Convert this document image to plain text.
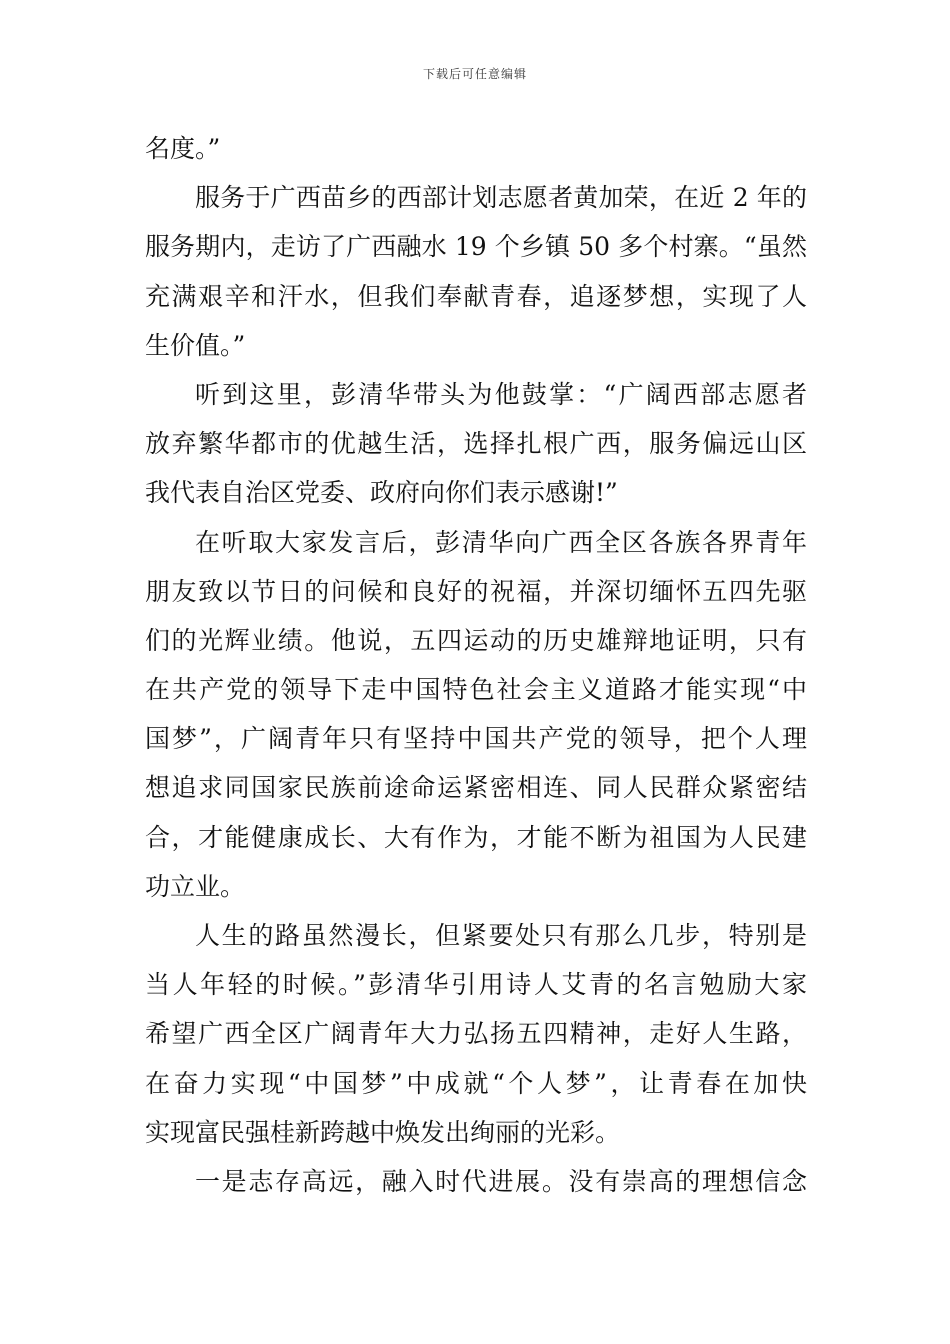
下载后可任意编辑
名度。”
服务于广西苗乡的西部计划志愿者黄加荣，在近 2 年的
服务期内，走访了广西融水 19 个乡镇 50 多个村寨。“虽然
充满艰辛和汗水，但我们奉献青春，追逐梦想，实现了人
生价值。”
听到这里，彭清华带头为他鼓掌：“广阔西部志愿者
放弃繁华都市的优越生活，选择扎根广西，服务偏远山区
我代表自治区党委、政府向你们表示感谢!”
在听取大家发言后，彭清华向广西全区各族各界青年
朋友致以节日的问候和良好的祝福，并深切缅怀五四先驱
们的光辉业绩。他说，五四运动的历史雄辩地证明，只有
在共产党的领导下走中国特色社会主义道路才能实现“中
国梦”，广阔青年只有坚持中国共产党的领导，把个人理
想追求同国家民族前途命运紧密相连、同人民群众紧密结
合，才能健康成长、大有作为，才能不断为祖国为人民建
功立业。
人生的路虽然漫长，但紧要处只有那么几步，特别是
当人年轻的时候。”彭清华引用诗人艾青的名言勉励大家
希望广西全区广阔青年大力弘扬五四精神，走好人生路，
在奋力实现“中国梦”中成就“个人梦”，让青春在加快
实现富民强桂新跨越中焕发出绚丽的光彩。
一是志存高远，融入时代进展。没有崇高的理想信念
